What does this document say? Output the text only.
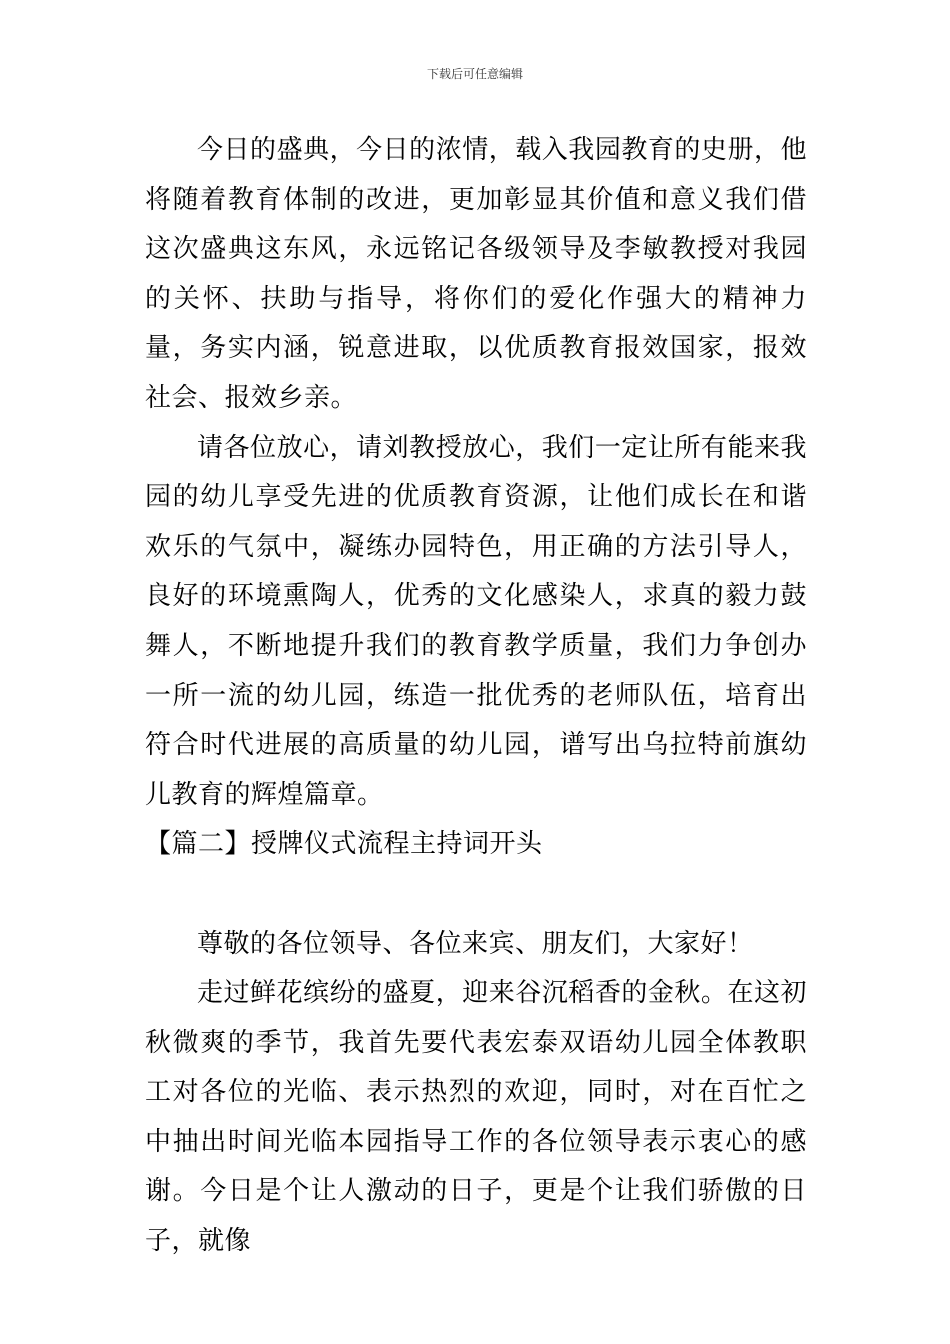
下载后可任意编辑

今日的盛典，今日的浓情，载入我园教育的史册，他将随着教育体制的改进，更加彰显其价值和意义我们借这次盛典这东风，永远铭记各级领导及李敏教授对我园的关怀、扶助与指导，将你们的爱化作强大的精神力量，务实内涵，锐意进取，以优质教育报效国家，报效社会、报效乡亲。

请各位放心，请刘教授放心，我们一定让所有能来我园的幼儿享受先进的优质教育资源，让他们成长在和谐欢乐的气氛中，凝练办园特色，用正确的方法引导人，良好的环境熏陶人，优秀的文化感染人，求真的毅力鼓舞人，不断地提升我们的教育教学质量，我们力争创办一所一流的幼儿园，练造一批优秀的老师队伍，培育出符合时代进展的高质量的幼儿园，谱写出乌拉特前旗幼儿教育的辉煌篇章。

【篇二】授牌仪式流程主持词开头

尊敬的各位领导、各位来宾、朋友们，大家好！

走过鲜花缤纷的盛夏，迎来谷沉稻香的金秋。在这初秋微爽的季节，我首先要代表宏泰双语幼儿园全体教职工对各位的光临、表示热烈的欢迎，同时，对在百忙之中抽出时间光临本园指导工作的各位领导表示衷心的感谢。今日是个让人激动的日子，更是个让我们骄傲的日子，就像
